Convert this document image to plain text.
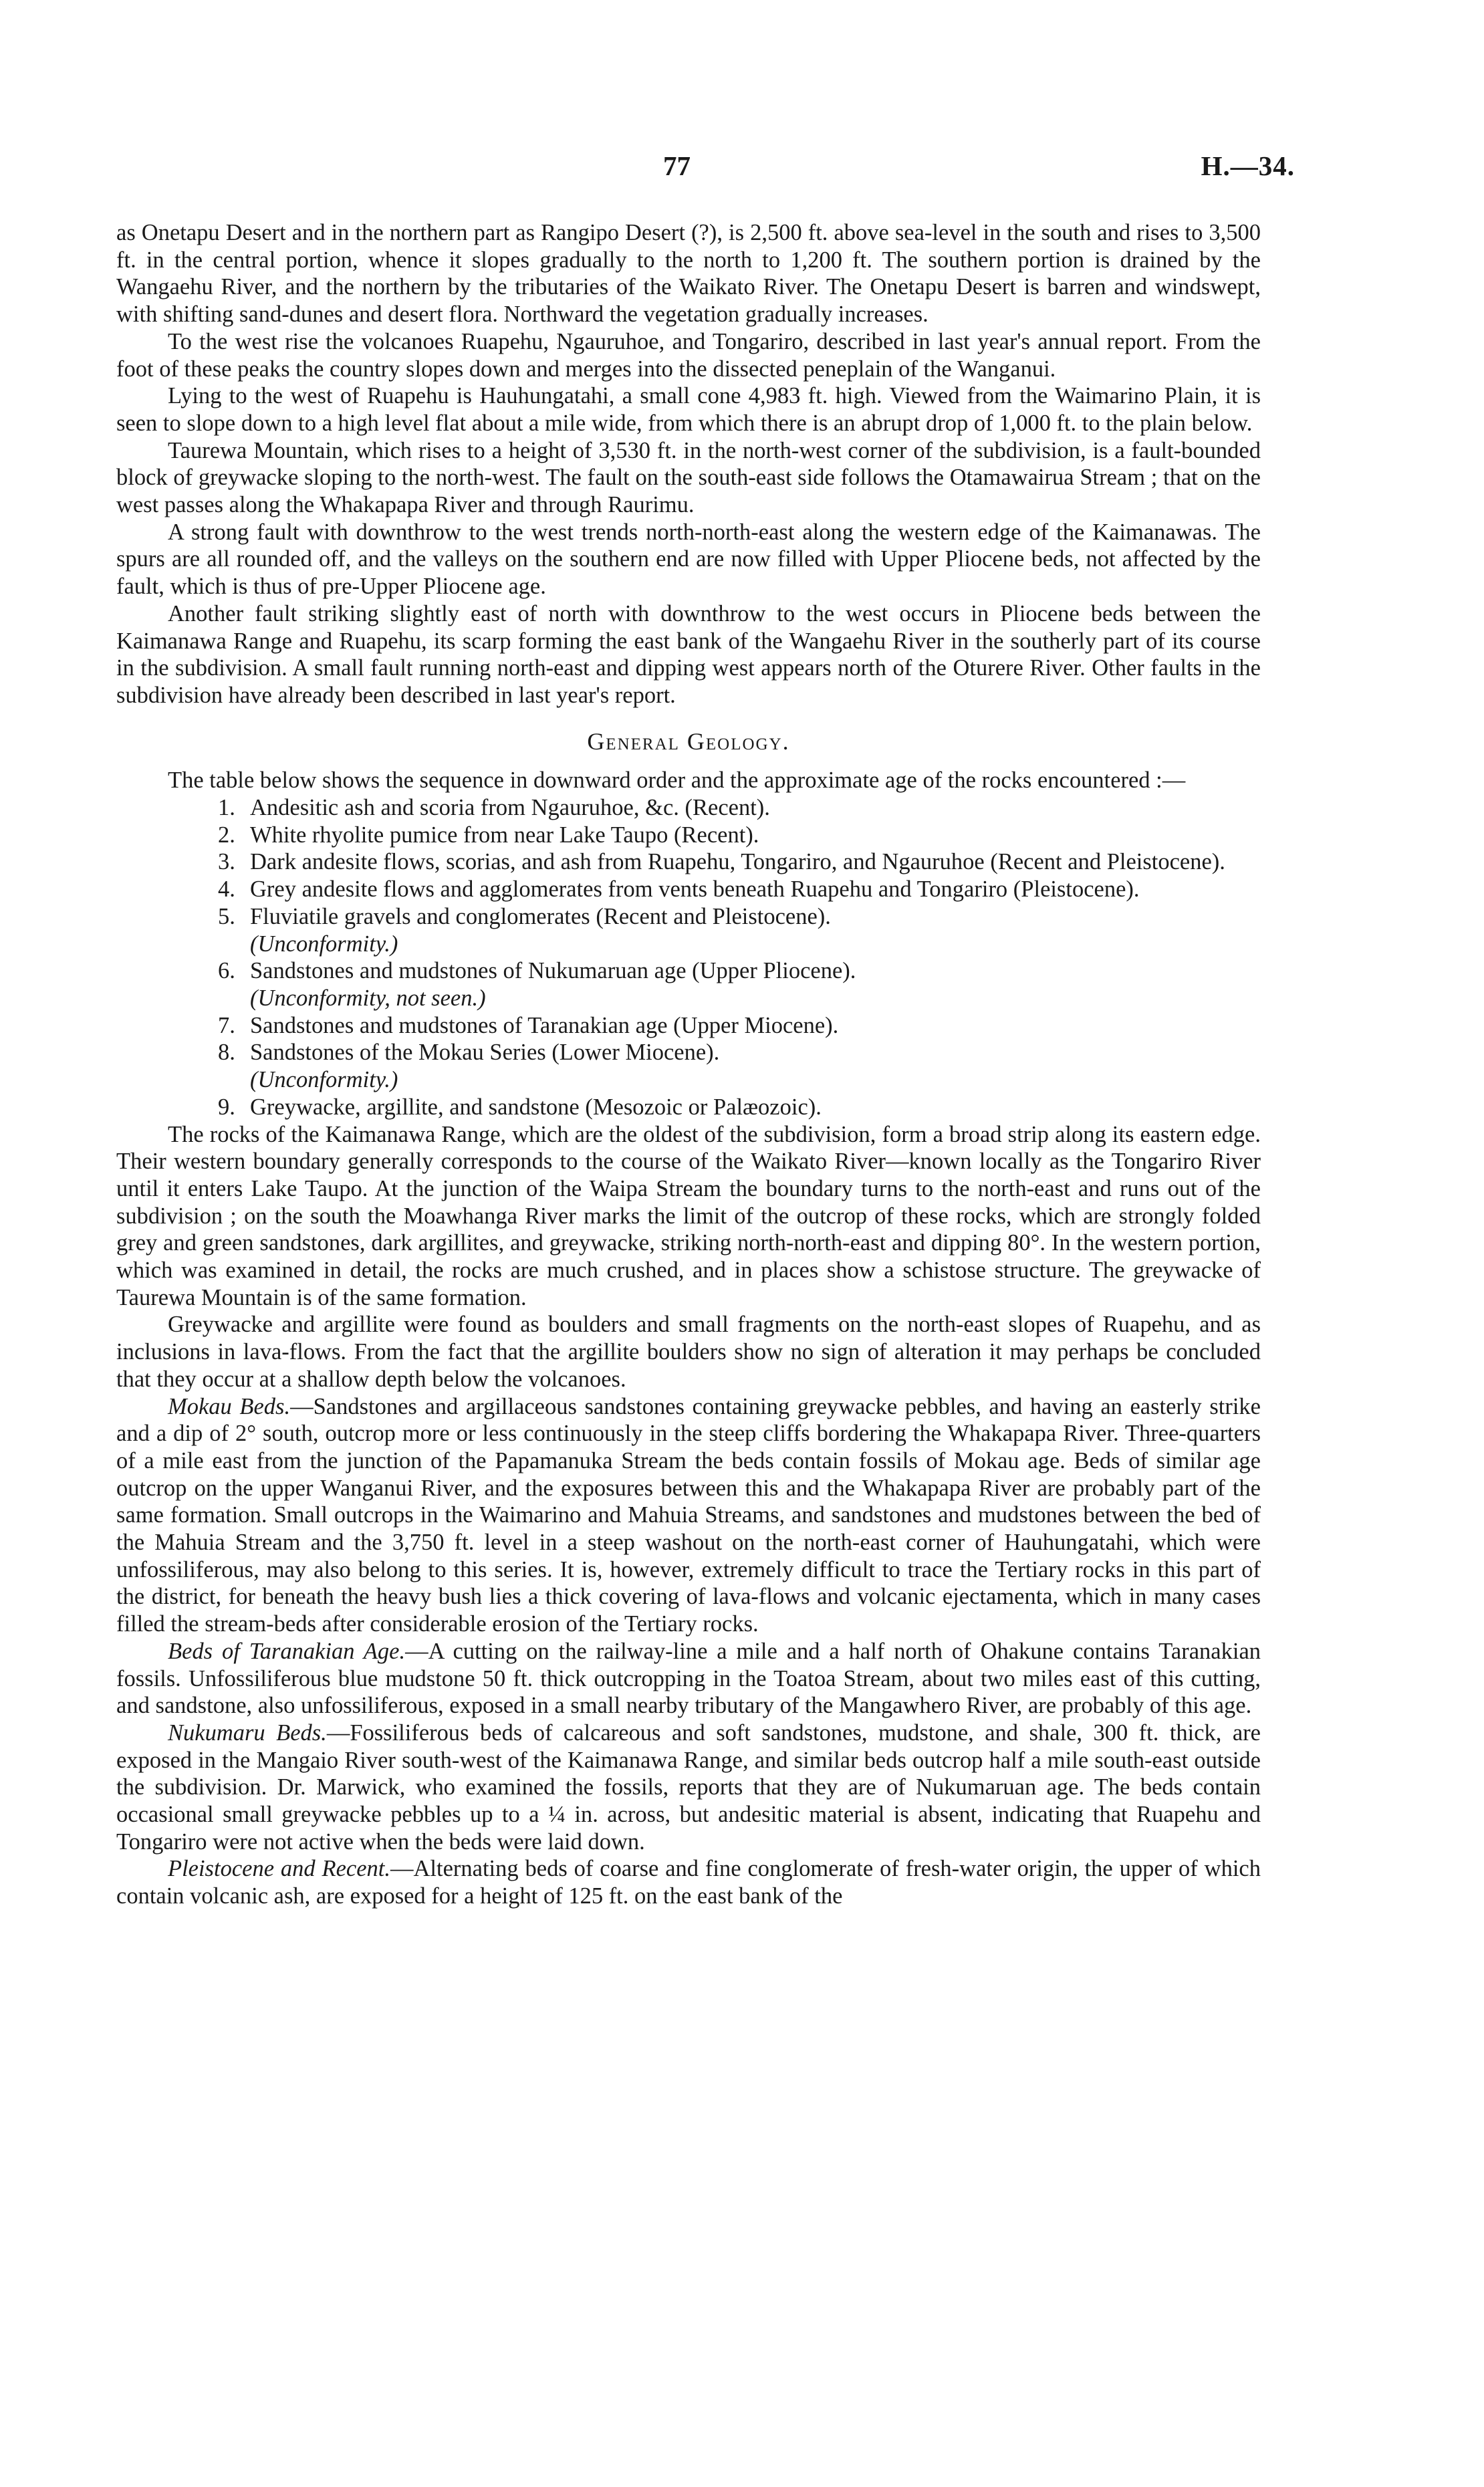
77	H.—34.

as Onetapu Desert and in the northern part as Rangipo Desert (?), is 2,500 ft. above sea-level in the south and rises to 3,500 ft. in the central portion, whence it slopes gradually to the north to 1,200 ft. The southern portion is drained by the Wangaehu River, and the northern by the tributaries of the Waikato River. The Onetapu Desert is barren and windswept, with shifting sand-dunes and desert flora. Northward the vegetation gradually increases.

To the west rise the volcanoes Ruapehu, Ngauruhoe, and Tongariro, described in last year's annual report. From the foot of these peaks the country slopes down and merges into the dissected peneplain of the Wanganui.

Lying to the west of Ruapehu is Hauhungatahi, a small cone 4,983 ft. high. Viewed from the Waimarino Plain, it is seen to slope down to a high level flat about a mile wide, from which there is an abrupt drop of 1,000 ft. to the plain below.

Taurewa Mountain, which rises to a height of 3,530 ft. in the north-west corner of the subdivision, is a fault-bounded block of greywacke sloping to the north-west. The fault on the south-east side follows the Otamawairua Stream ; that on the west passes along the Whakapapa River and through Raurimu.

A strong fault with downthrow to the west trends north-north-east along the western edge of the Kaimanawas. The spurs are all rounded off, and the valleys on the southern end are now filled with Upper Pliocene beds, not affected by the fault, which is thus of pre-Upper Pliocene age.

Another fault striking slightly east of north with downthrow to the west occurs in Pliocene beds between the Kaimanawa Range and Ruapehu, its scarp forming the east bank of the Wangaehu River in the southerly part of its course in the subdivision. A small fault running north-east and dipping west appears north of the Oturere River. Other faults in the subdivision have already been described in last year's report.

General Geology.

The table below shows the sequence in downward order and the approximate age of the rocks encountered :—

1. Andesitic ash and scoria from Ngauruhoe, &c. (Recent).
2. White rhyolite pumice from near Lake Taupo (Recent).
3. Dark andesite flows, scorias, and ash from Ruapehu, Tongariro, and Ngauruhoe (Recent and Pleistocene).
4. Grey andesite flows and agglomerates from vents beneath Ruapehu and Tongariro (Pleistocene).
5. Fluviatile gravels and conglomerates (Recent and Pleistocene).
(Unconformity.)
6. Sandstones and mudstones of Nukumaruan age (Upper Pliocene).
(Unconformity, not seen.)
7. Sandstones and mudstones of Taranakian age (Upper Miocene).
8. Sandstones of the Mokau Series (Lower Miocene).
(Unconformity.)
9. Greywacke, argillite, and sandstone (Mesozoic or Palæozoic).

The rocks of the Kaimanawa Range, which are the oldest of the subdivision, form a broad strip along its eastern edge. Their western boundary generally corresponds to the course of the Waikato River—known locally as the Tongariro River until it enters Lake Taupo. At the junction of the Waipa Stream the boundary turns to the north-east and runs out of the subdivision ; on the south the Moawhanga River marks the limit of the outcrop of these rocks, which are strongly folded grey and green sandstones, dark argillites, and greywacke, striking north-north-east and dipping 80°. In the western portion, which was examined in detail, the rocks are much crushed, and in places show a schistose structure. The greywacke of Taurewa Mountain is of the same formation.

Greywacke and argillite were found as boulders and small fragments on the north-east slopes of Ruapehu, and as inclusions in lava-flows. From the fact that the argillite boulders show no sign of alteration it may perhaps be concluded that they occur at a shallow depth below the volcanoes.

Mokau Beds.—Sandstones and argillaceous sandstones containing greywacke pebbles, and having an easterly strike and a dip of 2° south, outcrop more or less continuously in the steep cliffs bordering the Whakapapa River. Three-quarters of a mile east from the junction of the Papamanuka Stream the beds contain fossils of Mokau age. Beds of similar age outcrop on the upper Wanganui River, and the exposures between this and the Whakapapa River are probably part of the same formation. Small outcrops in the Waimarino and Mahuia Streams, and sandstones and mudstones between the bed of the Mahuia Stream and the 3,750 ft. level in a steep washout on the north-east corner of Hauhungatahi, which were unfossiliferous, may also belong to this series. It is, however, extremely difficult to trace the Tertiary rocks in this part of the district, for beneath the heavy bush lies a thick covering of lava-flows and volcanic ejectamenta, which in many cases filled the stream-beds after considerable erosion of the Tertiary rocks.

Beds of Taranakian Age.—A cutting on the railway-line a mile and a half north of Ohakune contains Taranakian fossils. Unfossiliferous blue mudstone 50 ft. thick outcropping in the Toatoa Stream, about two miles east of this cutting, and sandstone, also unfossiliferous, exposed in a small nearby tributary of the Mangawhero River, are probably of this age.

Nukumaru Beds.—Fossiliferous beds of calcareous and soft sandstones, mudstone, and shale, 300 ft. thick, are exposed in the Mangaio River south-west of the Kaimanawa Range, and similar beds outcrop half a mile south-east outside the subdivision. Dr. Marwick, who examined the fossils, reports that they are of Nukumaruan age. The beds contain occasional small greywacke pebbles up to a ¼ in. across, but andesitic material is absent, indicating that Ruapehu and Tongariro were not active when the beds were laid down.

Pleistocene and Recent.—Alternating beds of coarse and fine conglomerate of fresh-water origin, the upper of which contain volcanic ash, are exposed for a height of 125 ft. on the east bank of the
